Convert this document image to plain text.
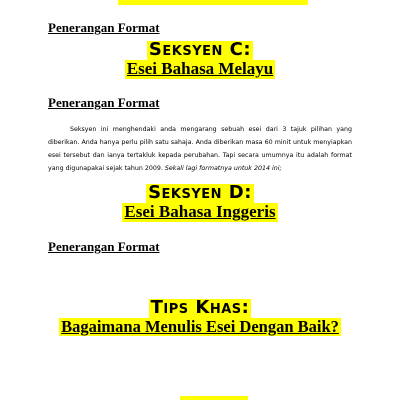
Penerangan Format

Seksyen C:
Esei Bahasa Melayu

Penerangan Format

Seksyen ini menghendaki anda mengarang sebuah esei dari 3 tajuk pilihan yang diberikan. Anda hanya perlu pilih satu sahaja. Anda diberikan masa 60 minit untuk menyiapkan esei tersebut dan ianya tertakluk kepada perubahan. Tapi secara umumnya itu adalah format yang digunapakai sejak tahun 2009. Sekali lagi formatnya untuk 2014 ini;

Seksyen D:
Esei Bahasa Inggeris

Penerangan Format

Tips Khas:
Bagaimana Menulis Esei Dengan Baik?
